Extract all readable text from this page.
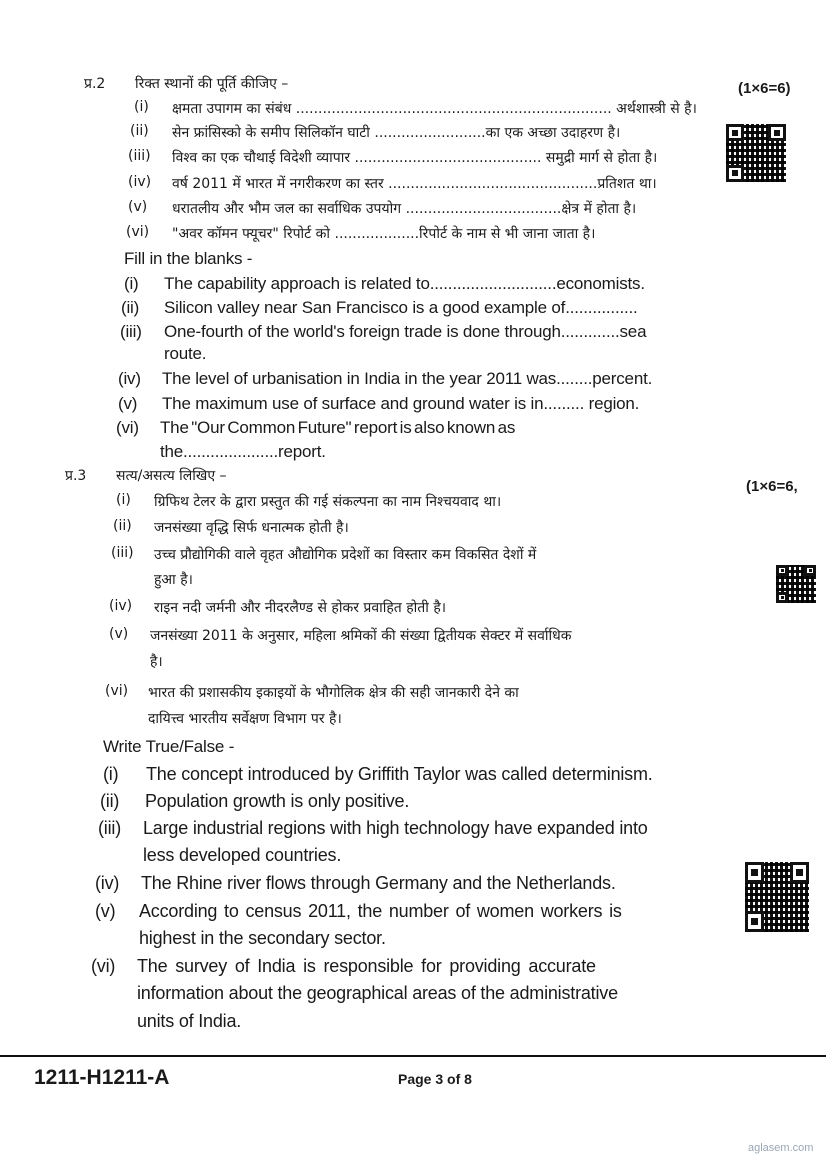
प्र.2 रिक्त स्थानों की पूर्ति कीजिए –	(1×6=6)
(i) क्षमता उपागम का संबंध ....................................................................... अर्थशास्त्री से है।
(ii) सेन फ्रांसिस्को के समीप सिलिकॉन घाटी .........................का एक अच्छा उदाहरण है।
(iii) विश्व का एक चौथाई विदेशी व्यापार .......................................... समुद्री मार्ग से होता है।
(iv) वर्ष 2011 में भारत में नगरीकरण का स्तर ...............................................प्रतिशत था।
(v) धरातलीय और भौम जल का सर्वाधिक उपयोग ...................................क्षेत्र में होता है।
(vi) "अवर कॉमन फ्यूचर" रिपोर्ट को ...................रिपोर्ट के नाम से भी जाना जाता है।
Fill in the blanks -
(i) The capability approach is related to............................economists.
(ii) Silicon valley near San Francisco is a good example of................
(iii) One-fourth of the world's foreign trade is done through.............sea
route.
(iv) The level of urbanisation in India in the year 2011 was........percent.
(v) The maximum use of surface and ground water is in......... region.
(vi) The "Our Common Future" report is also known as
the.....................report.
प्र.3 सत्य/असत्य लिखिए –
(1×6=6,
(i) ग्रिफिथ टेलर के द्वारा प्रस्तुत की गई संकल्पना का नाम निश्चयवाद था।
(ii) जनसंख्या वृद्धि सिर्फ धनात्मक होती है।
(iii) उच्च प्रौद्योगिकी वाले वृहत औद्योगिक प्रदेशों का विस्तार कम विकसित देशों में
हुआ है।
(iv) राइन नदी जर्मनी और नीदरलैण्ड से होकर प्रवाहित होती है।
(v) जनसंख्या 2011 के अनुसार, महिला श्रमिकों की संख्या द्वितीयक सेक्टर में सर्वाधिक
है।
(vi) भारत की प्रशासकीय इकाइयों के भौगोलिक क्षेत्र की सही जानकारी देने का
दायित्त्व भारतीय सर्वेक्षण विभाग पर है।
Write True/False -
(i) The concept introduced by Griffith Taylor was called determinism.
(ii) Population growth is only positive.
(iii) Large industrial regions with high technology have expanded into
less developed countries.
(iv) The Rhine river flows through Germany and the Netherlands.
(v) According to census 2011, the number of women workers is
highest in the secondary sector.
(vi) The survey of India is responsible for providing accurate
information about the geographical areas of the administrative
units of India.
1211-H1211-A	Page 3 of 8
aglasem.com
